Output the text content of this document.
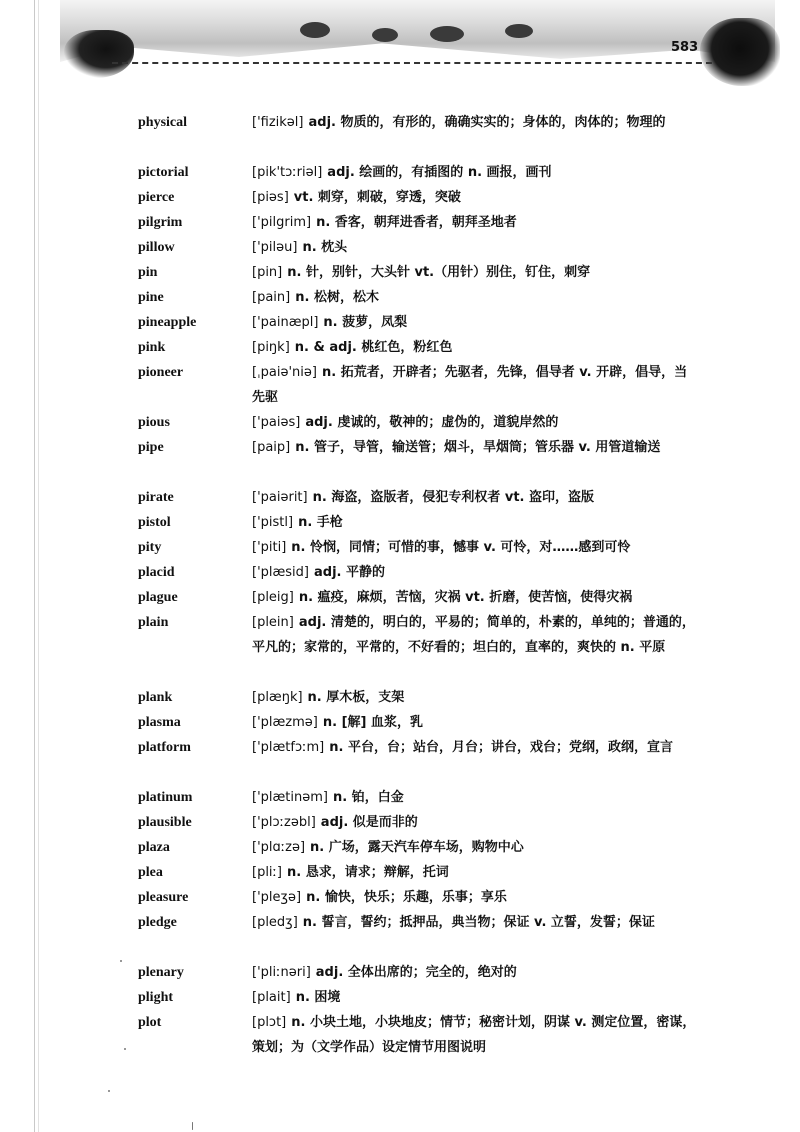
583
physical	['fizikəl] adj. 物质的，有形的，确确实实的；身体的，肉体的；物理的
pictorial	[pik'tɔːriəl] adj. 绘画的，有插图的 n. 画报，画刊
pierce	[piəs] vt. 刺穿，刺破，穿透，突破
pilgrim	['pilgrim] n. 香客，朝拜进香者，朝拜圣地者
pillow	['piləu] n. 枕头
pin	[pin] n. 针，别针，大头针 vt.（用针）别住，钉住，刺穿
pine	[pain] n. 松树，松木
pineapple	['painæpl] n. 菠萝，凤梨
pink	[piŋk] n. & adj. 桃红色，粉红色
pioneer	[ˌpaiə'niə] n. 拓荒者，开辟者；先驱者，先锋，倡导者 v. 开辟，倡导，当先驱
pious	['paiəs] adj. 虔诚的，敬神的；虚伪的，道貌岸然的
pipe	[paip] n. 管子，导管，输送管；烟斗，旱烟筒；管乐器 v. 用管道输送
pirate	['paiərit] n. 海盗，盗版者，侵犯专利权者 vt. 盗印，盗版
pistol	['pistl] n. 手枪
pity	['piti] n. 怜悯，同情；可惜的事，憾事 v. 可怜，对……感到可怜
placid	['plæsid] adj. 平静的
plague	[pleig] n. 瘟疫，麻烦，苦恼，灾祸 vt. 折磨，使苦恼，使得灾祸
plain	[plein] adj. 清楚的，明白的，平易的；简单的，朴素的，单纯的；普通的，平凡的；家常的，平常的，不好看的；坦白的，直率的，爽快的 n. 平原
plank	[plæŋk] n. 厚木板，支架
plasma	['plæzmə] n. [解] 血浆，乳
platform	['plætfɔːm] n. 平台，台；站台，月台；讲台，戏台；党纲，政纲，宣言
platinum	['plætinəm] n. 铂，白金
plausible	['plɔːzəbl] adj. 似是而非的
plaza	['plɑːzə] n. 广场，露天汽车停车场，购物中心
plea	[pliː] n. 恳求，请求；辩解，托词
pleasure	['pleʒə] n. 愉快，快乐；乐趣，乐事；享乐
pledge	[pledʒ] n. 誓言，誓约；抵押品，典当物；保证 v. 立誓，发誓；保证
plenary	['pliːnəri] adj. 全体出席的；完全的，绝对的
plight	[plait] n. 困境
plot	[plɔt] n. 小块土地，小块地皮；情节；秘密计划，阴谋 v. 测定位置，密谋，策划；为（文学作品）设定情节用图说明
